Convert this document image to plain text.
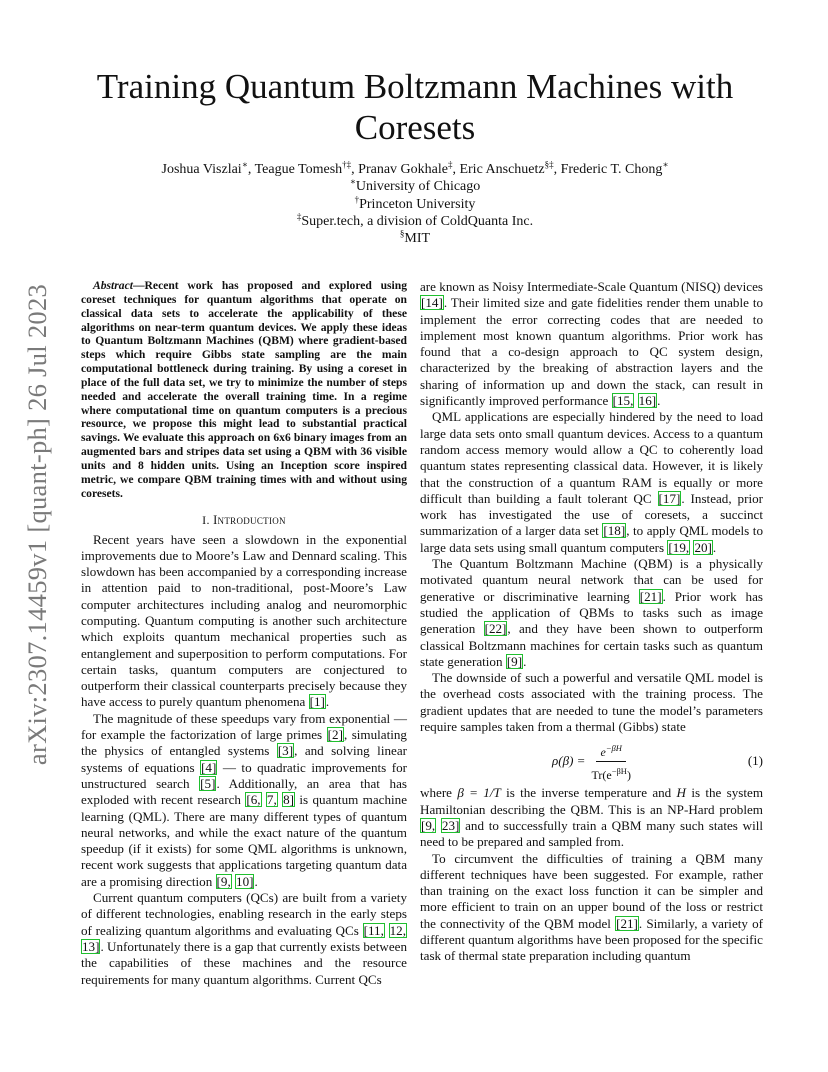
arXiv:2307.14459v1 [quant-ph] 26 Jul 2023
Training Quantum Boltzmann Machines with Coresets
Joshua Viszlai∗, Teague Tomesh†‡, Pranav Gokhale‡, Eric Anschuetz§‡, Frederic T. Chong∗
∗University of Chicago
†Princeton University
‡Super.tech, a division of ColdQuanta Inc.
§MIT

Abstract—Recent work has proposed and explored using coreset techniques for quantum algorithms that operate on classical data sets to accelerate the applicability of these algorithms on near-term quantum devices. We apply these ideas to Quantum Boltzmann Machines (QBM) where gradient-based steps which require Gibbs state sampling are the main computational bottleneck during training. By using a coreset in place of the full data set, we try to minimize the number of steps needed and accelerate the overall training time. In a regime where computational time on quantum computers is a precious resource, we propose this might lead to substantial practical savings. We evaluate this approach on 6x6 binary images from an augmented bars and stripes data set using a QBM with 36 visible units and 8 hidden units. Using an Inception score inspired metric, we compare QBM training times with and without using coresets.

I. Introduction

Recent years have seen a slowdown in the exponential improvements due to Moore’s Law and Dennard scaling. This slowdown has been accompanied by a corresponding increase in attention paid to non-traditional, post-Moore’s Law computer architectures including analog and neuromorphic computing. Quantum computing is another such architecture which exploits quantum mechanical properties such as entanglement and superposition to perform computations. For certain tasks, quantum computers are conjectured to outperform their classical counterparts precisely because they have access to purely quantum phenomena [1].

The magnitude of these speedups vary from exponential — for example the factorization of large primes [2], simulating the physics of entangled systems [3], and solving linear systems of equations [4] — to quadratic improvements for unstructured search [5]. Additionally, an area that has exploded with recent research [6, 7, 8] is quantum machine learning (QML). There are many different types of quantum neural networks, and while the exact nature of the quantum speedup (if it exists) for some QML algorithms is unknown, recent work suggests that applications targeting quantum data are a promising direction [9, 10].

Current quantum computers (QCs) are built from a variety of different technologies, enabling research in the early steps of realizing quantum algorithms and evaluating QCs [11, 12, 13]. Unfortunately there is a gap that currently exists between the capabilities of these machines and the resource requirements for many quantum algorithms. Current QCs

are known as Noisy Intermediate-Scale Quantum (NISQ) devices [14]. Their limited size and gate fidelities render them unable to implement the error correcting codes that are needed to implement most known quantum algorithms. Prior work has found that a co-design approach to QC system design, characterized by the breaking of abstraction layers and the sharing of information up and down the stack, can result in significantly improved performance [15, 16].

QML applications are especially hindered by the need to load large data sets onto small quantum devices. Access to a quantum random access memory would allow a QC to coherently load quantum states representing classical data. However, it is likely that the construction of a quantum RAM is equally or more difficult than building a fault tolerant QC [17]. Instead, prior work has investigated the use of coresets, a succinct summarization of a larger data set [18], to apply QML models to large data sets using small quantum computers [19, 20].

The Quantum Boltzmann Machine (QBM) is a physically motivated quantum neural network that can be used for generative or discriminative learning [21]. Prior work has studied the application of QBMs to tasks such as image generation [22], and they have been shown to outperform classical Boltzmann machines for certain tasks such as quantum state generation [9].

The downside of such a powerful and versatile QML model is the overhead costs associated with the training process. The gradient updates that are needed to tune the model’s parameters require samples taken from a thermal (Gibbs) state

$\rho(\beta) = \frac{e^{-\beta H}}{Tr(e^{-\beta H})}$	(1)

where β = 1/T is the inverse temperature and H is the system Hamiltonian describing the QBM. This is an NP-Hard problem [9, 23] and to successfully train a QBM many such states will need to be prepared and sampled from.

To circumvent the difficulties of training a QBM many different techniques have been suggested. For example, rather than training on the exact loss function it can be simpler and more efficient to train on an upper bound of the loss or restrict the connectivity of the QBM model [21]. Similarly, a variety of different quantum algorithms have been proposed for the specific task of thermal state preparation including quantum
